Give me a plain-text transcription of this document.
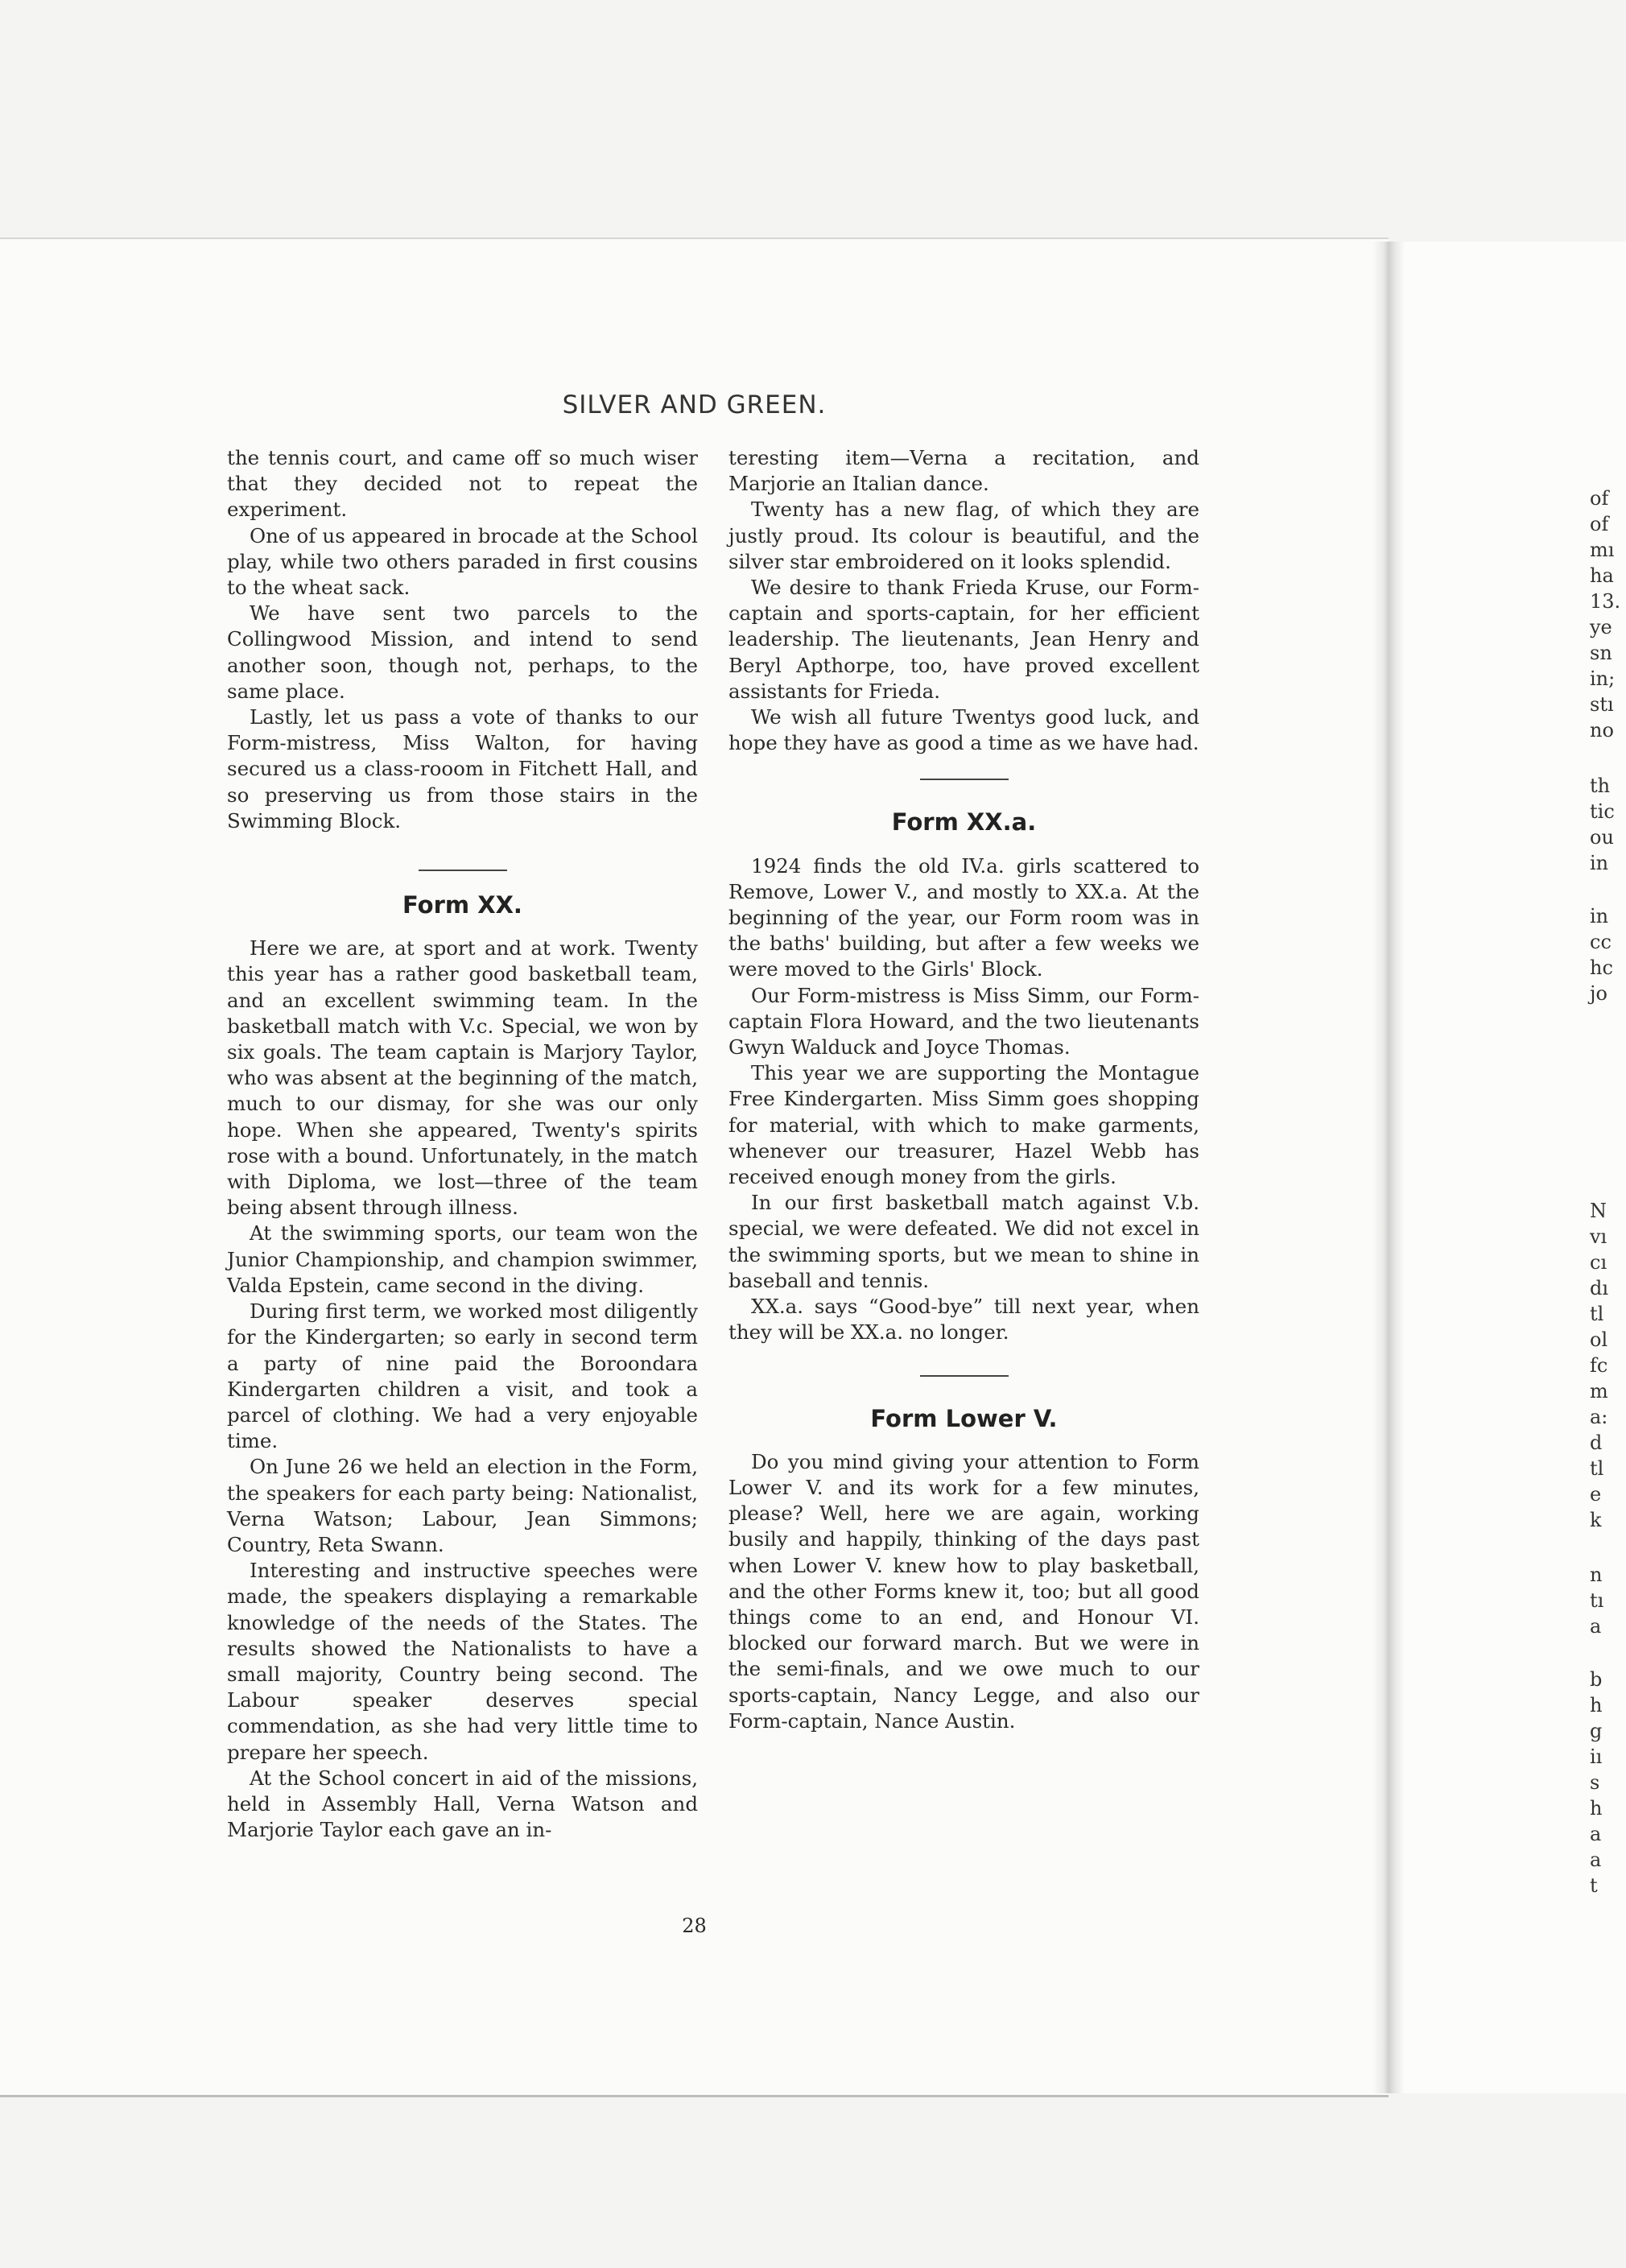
SILVER AND GREEN.

the tennis court, and came off so much wiser that they decided not to repeat the experiment.

One of us appeared in brocade at the School play, while two others paraded in first cousins to the wheat sack.

We have sent two parcels to the Collingwood Mission, and intend to send another soon, though not, perhaps, to the same place.

Lastly, let us pass a vote of thanks to our Form-mistress, Miss Walton, for having secured us a class-rooom in Fitchett Hall, and so preserving us from those stairs in the Swimming Block.

Form XX.

Here we are, at sport and at work. Twenty this year has a rather good basketball team, and an excellent swimming team. In the basketball match with V.c. Special, we won by six goals. The team captain is Marjory Taylor, who was absent at the beginning of the match, much to our dismay, for she was our only hope. When she appeared, Twenty's spirits rose with a bound. Unfortunately, in the match with Diploma, we lost—three of the team being absent through illness.

At the swimming sports, our team won the Junior Championship, and champion swimmer, Valda Epstein, came second in the diving.

During first term, we worked most diligently for the Kindergarten; so early in second term a party of nine paid the Boroondara Kindergarten children a visit, and took a parcel of clothing. We had a very enjoyable time.

On June 26 we held an election in the Form, the speakers for each party being: Nationalist, Verna Watson; Labour, Jean Simmons; Country, Reta Swann.

Interesting and instructive speeches were made, the speakers displaying a remarkable knowledge of the needs of the States. The results showed the Nationalists to have a small majority, Country being second. The Labour speaker deserves special commendation, as she had very little time to prepare her speech.

At the School concert in aid of the missions, held in Assembly Hall, Verna Watson and Marjorie Taylor each gave an in-

teresting item—Verna a recitation, and Marjorie an Italian dance.

Twenty has a new flag, of which they are justly proud. Its colour is beautiful, and the silver star embroidered on it looks splendid.

We desire to thank Frieda Kruse, our Form-captain and sports-captain, for her efficient leadership. The lieutenants, Jean Henry and Beryl Apthorpe, too, have proved excellent assistants for Frieda.

We wish all future Twentys good luck, and hope they have as good a time as we have had.

Form XX.a.

1924 finds the old IV.a. girls scattered to Remove, Lower V., and mostly to XX.a. At the beginning of the year, our Form room was in the baths' building, but after a few weeks we were moved to the Girls' Block.

Our Form-mistress is Miss Simm, our Form-captain Flora Howard, and the two lieutenants Gwyn Walduck and Joyce Thomas.

This year we are supporting the Montague Free Kindergarten. Miss Simm goes shopping for material, with which to make garments, whenever our treasurer, Hazel Webb has received enough money from the girls.

In our first basketball match against V.b. special, we were defeated. We did not excel in the swimming sports, but we mean to shine in baseball and tennis.

XX.a. says “Good-bye” till next year, when they will be XX.a. no longer.

Form Lower V.

Do you mind giving your attention to Form Lower V. and its work for a few minutes, please? Well, here we are again, working busily and happily, thinking of the days past when Lower V. knew how to play basketball, and the other Forms knew it, too; but all good things come to an end, and Honour VI. blocked our forward march. But we were in the semi-finals, and we owe much to our sports-captain, Nancy Legge, and also our Form-captain, Nance Austin.

28
of
of
mı
ha
13.
ye
sn
in;
stı
no
th
tic
ou
in
in
cc
hc
jo
N
vı
cı
dı
tl
ol
fc
m
a:
d
tl
e
k
n
tı
a
b
h
g
iı
s
h
a
a
t
